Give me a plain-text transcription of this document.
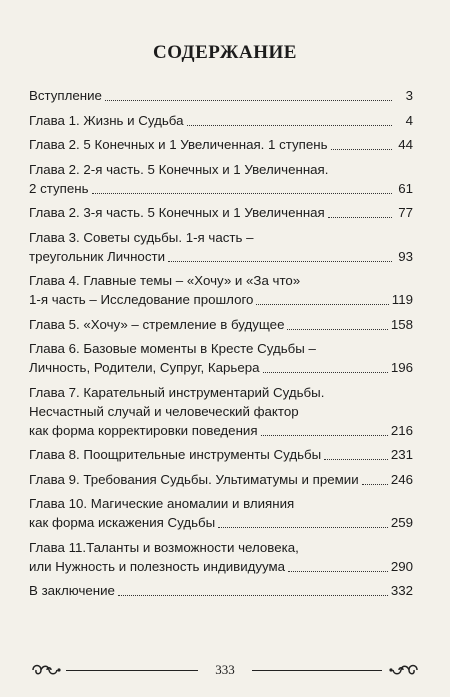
СОДЕРЖАНИЕ
Вступление	3
Глава 1. Жизнь и Судьба	4
Глава 2. 5 Конечных и 1 Увеличенная. 1 ступень	44
Глава 2. 2-я часть. 5 Конечных и 1 Увеличенная.
2 ступень	61
Глава 2. 3-я часть. 5 Конечных и 1 Увеличенная	77
Глава 3. Советы судьбы. 1-я часть –
треугольник Личности	93
Глава 4. Главные темы – «Хочу» и «За что»
1-я часть – Исследование прошлого	119
Глава 5. «Хочу» – стремление в будущее	158
Глава 6. Базовые моменты в Кресте Судьбы –
Личность, Родители, Супруг, Карьера	196
Глава 7. Карательный инструментарий Судьбы.
Несчастный случай и человеческий фактор
как форма корректировки поведения	216
Глава 8. Поощрительные инструменты Судьбы	231
Глава 9. Требования Судьбы. Ультиматумы и премии 246
Глава 10. Магические аномалии и влияния
как форма искажения Судьбы	259
Глава 11.Таланты и возможности человека,
или Нужность и полезность индивидуума	290
В заключение	332
333
